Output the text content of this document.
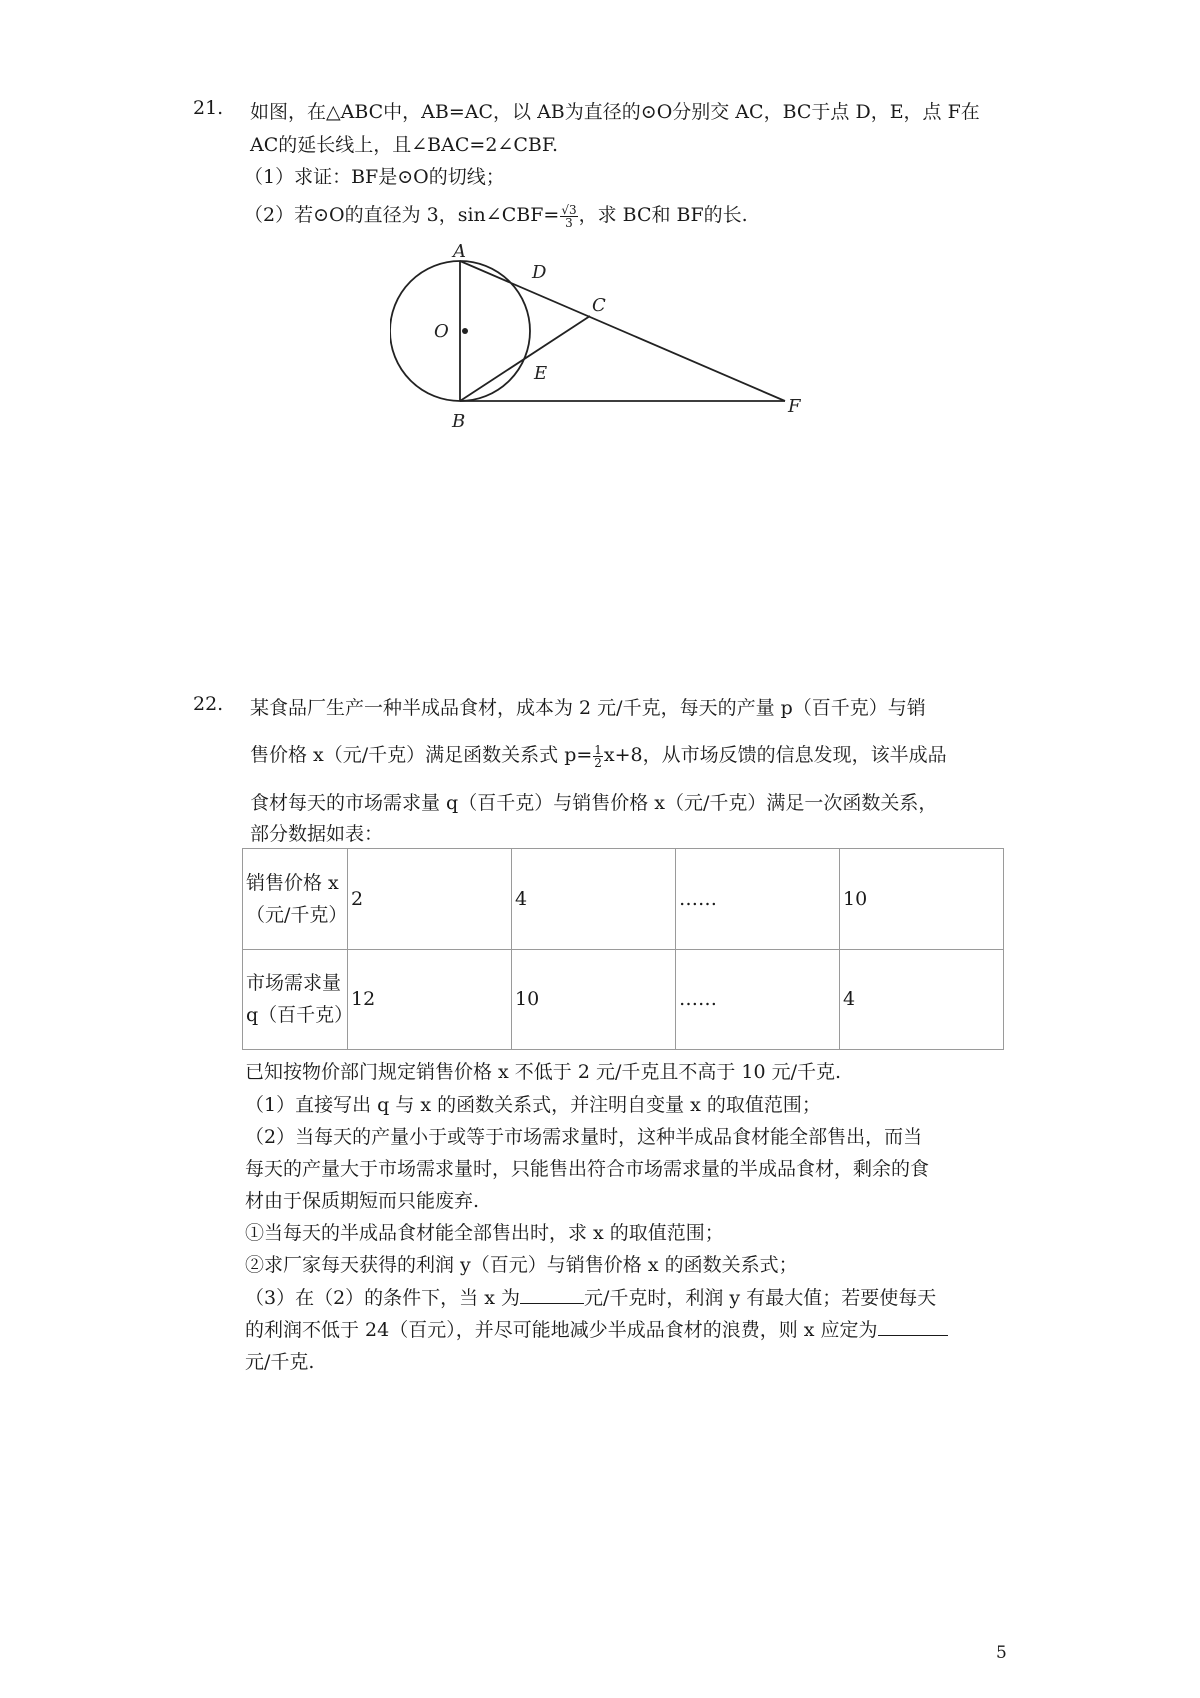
21. 如图，在△ABC中，AB=AC，以 AB为直径的⊙O分别交 AC，BC于点 D，E，点 F在
AC的延长线上，且∠BAC=2∠CBF.
（1）求证：BF是⊙O的切线；
（2）若⊙O的直径为 3，sin∠CBF= $\frac{√3}{3}$ ，求 BC和 BF的长.
A
D
C
O
E
B
F
22. 某食品厂生产一种半成品食材，成本为 2 元/千克，每天的产量 p（百千克）与销
售价格 x（元/千克）满足函数关系式 $p= \frac{1}{2} x+8$，从市场反馈的信息发现，该半成品
食材每天的市场需求量 q（百千克）与销售价格 x（元/千克）满足一次函数关系，
部分数据如表：
销售价格 x（元/千克）	2	4	……	10
市场需求量 q（百千克）	12	10	……	4
已知按物价部门规定销售价格 x 不低于 2 元/千克且不高于 10 元/千克.
（1）直接写出 q 与 x 的函数关系式，并注明自变量 x 的取值范围；
（2）当每天的产量小于或等于市场需求量时，这种半成品食材能全部售出，而当
每天的产量大于市场需求量时，只能售出符合市场需求量的半成品食材，剩余的食
材由于保质期短而只能废弃.
①当每天的半成品食材能全部售出时，求 x 的取值范围；
②求厂家每天获得的利润 y（百元）与销售价格 x 的函数关系式；
（3）在（2）的条件下，当 x 为	元/千克时，利润 y 有最大值；若要使每天
的利润不低于 24（百元），并尽可能地减少半成品食材的浪费，则 x 应定为
元/千克.
5
